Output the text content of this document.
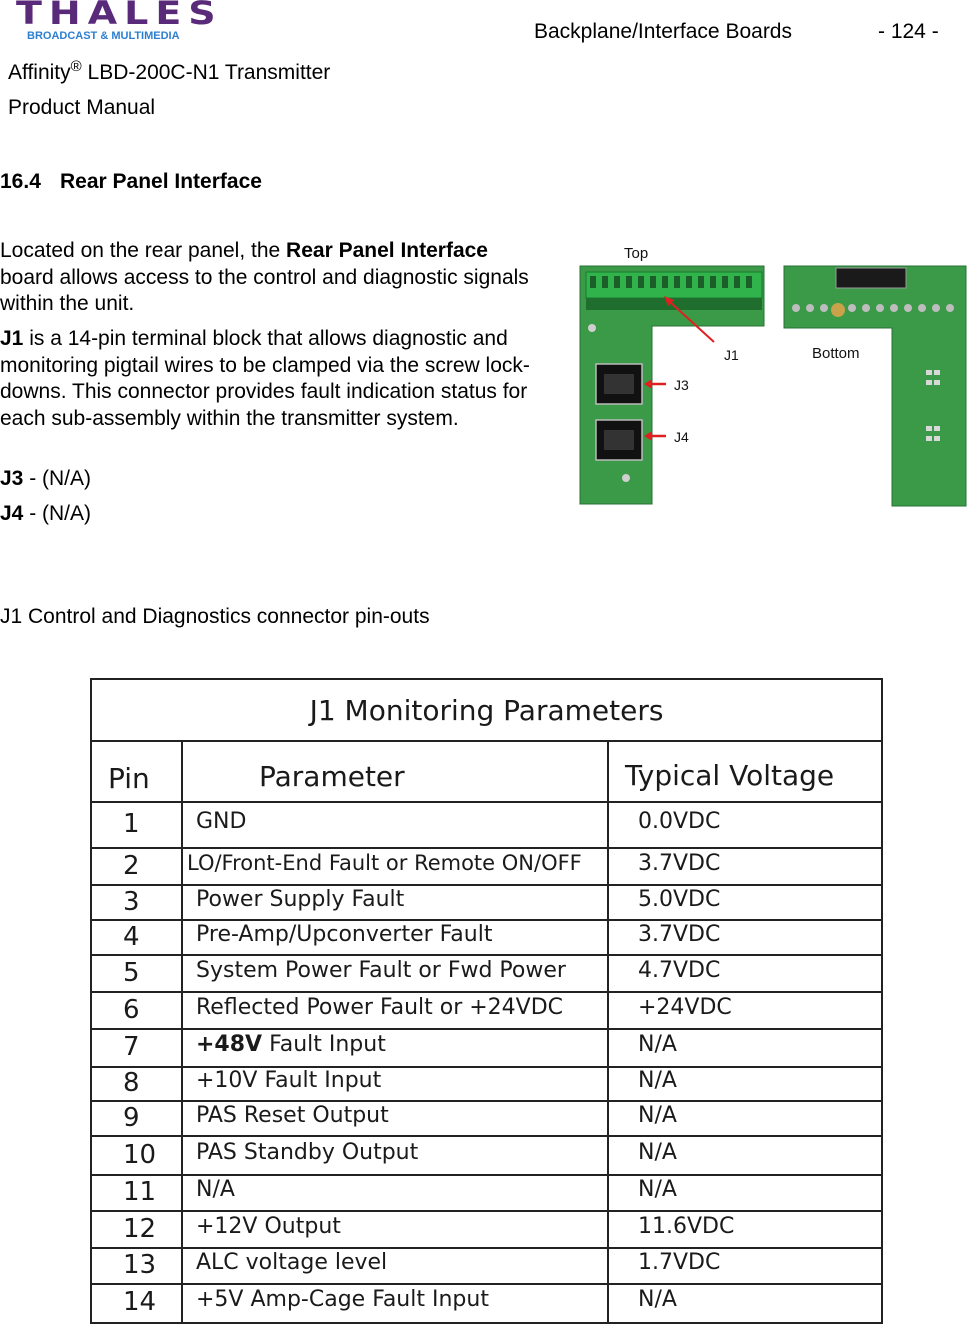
THALES
BROADCAST & MULTIMEDIA	Backplane/Interface Boards	- 124 -
Affinity® LBD-200C-N1 Transmitter
Product Manual
16.4 Rear Panel Interface
Located on the rear panel, the Rear Panel Interface board allows access to the control and diagnostic signals within the unit.
J1 is a 14-pin terminal block that allows diagnostic and monitoring pigtail wires to be clamped via the screw lock-downs. This connector provides fault indication status for each sub-assembly within the transmitter system.
J3 - (N/A)
J4 - (N/A)
J1 Control and Diagnostics connector pin-outs
Top
Bottom
J1
J3
J4
J1 Monitoring Parameters
Pin	Parameter	Typical Voltage
1	GND	0.0VDC
2 LO/Front-End Fault or Remote ON/OFF	3.7VDC
3	Power Supply Fault	5.0VDC
4	Pre-Amp/Upconverter Fault	3.7VDC
5	System Power Fault or Fwd Power	4.7VDC
6	Reflected Power Fault or +24VDC	+24VDC
7	+48V Fault Input	N/A
8	+10V Fault Input	N/A
9	PAS Reset Output	N/A
10 PAS Standby Output	N/A
11 N/A	N/A
12 +12V Output	11.6VDC
13 ALC voltage level	1.7VDC
14 +5V Amp-Cage Fault Input	N/A
